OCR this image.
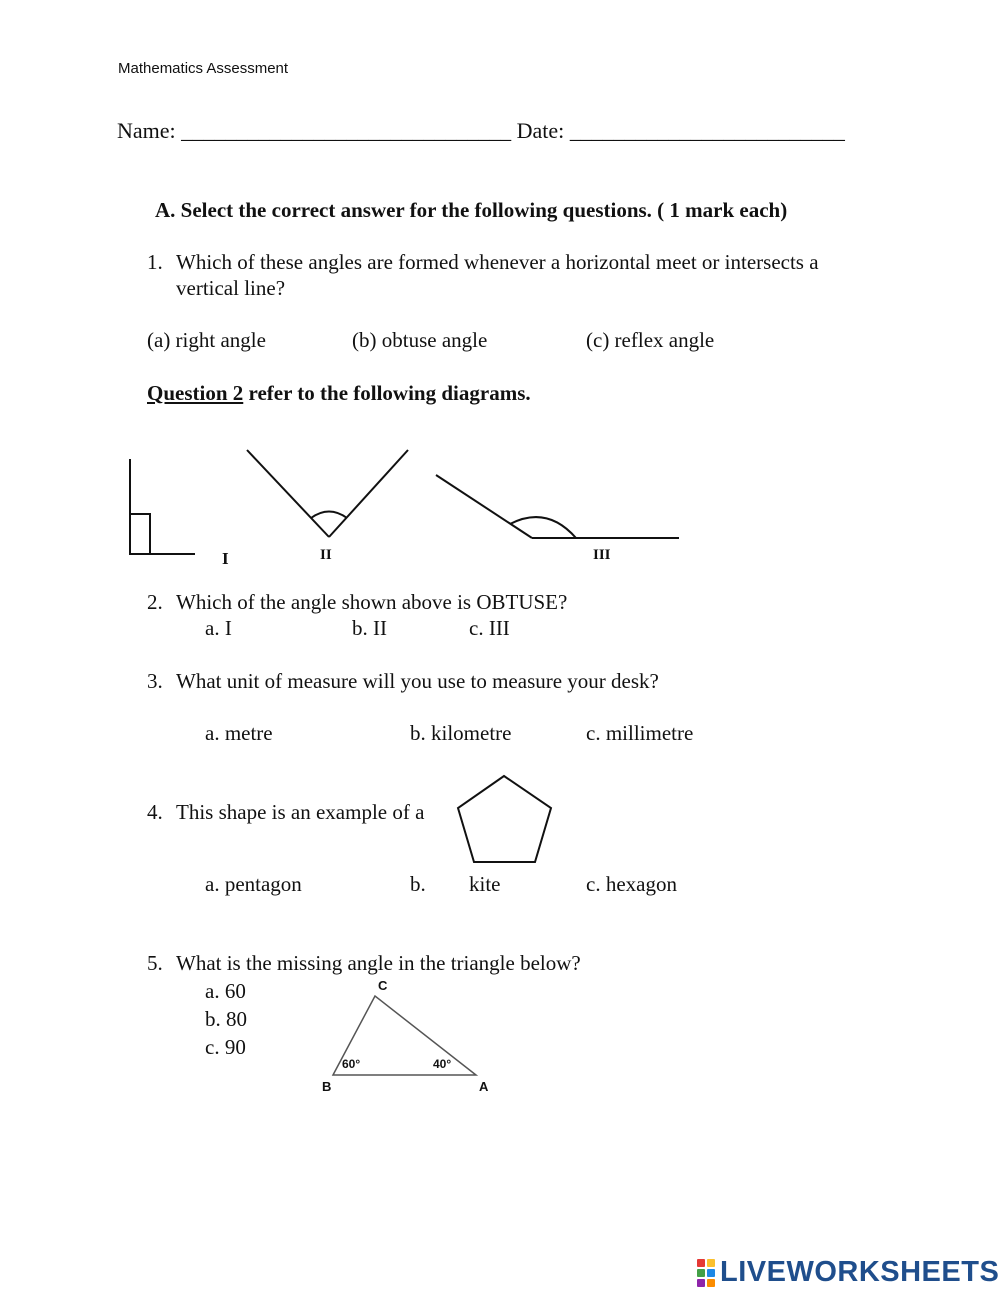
Mathematics Assessment
Name: ______________________________ Date: _________________________
A. Select the correct answer for the following questions. ( 1 mark each)
1. Which of these angles are formed whenever a horizontal meet or intersects a
vertical line?
(a) right angle	(b) obtuse angle	(c) reflex angle
Question 2 refer to the following diagrams.
I	II	III
2. Which of the angle shown above is OBTUSE?
a. I	b. II	c. III
3. What unit of measure will you use to measure your desk?
a. metre	b. kilometre	c. millimetre
4. This shape is an example of a
a. pentagon	b. kite	c. hexagon
5. What is the missing angle in the triangle below?
a. 60
b. 80
c. 90
C
B	A
60°	40°
LIVEWORKSHEETS
